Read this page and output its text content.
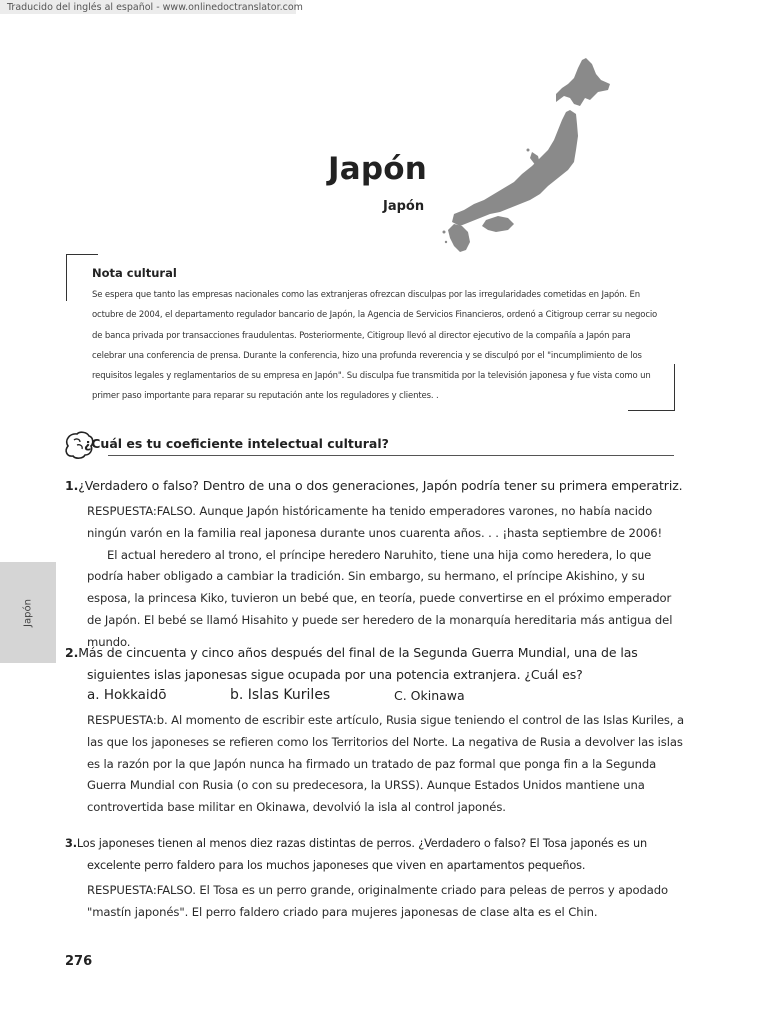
Traducido del inglés al español - www.onlinedoctranslator.com
Japón
Japón
Nota cultural
Se espera que tanto las empresas nacionales como las extranjeras ofrezcan disculpas por las irregularidades cometidas en Japón. En octubre de 2004, el departamento regulador bancario de Japón, la Agencia de Servicios Financieros, ordenó a Citigroup cerrar su negocio de banca privada por transacciones fraudulentas. Posteriormente, Citigroup llevó al director ejecutivo de la compañía a Japón para celebrar una conferencia de prensa. Durante la conferencia, hizo una profunda reverencia y se disculpó por el "incumplimiento de los requisitos legales y reglamentarios de su empresa en Japón". Su disculpa fue transmitida por la televisión japonesa y fue vista como un primer paso importante para reparar su reputación ante los reguladores y clientes. .
¿Cuál es tu coeficiente intelectual cultural?
Japón
1.¿Verdadero o falso? Dentro de una o dos generaciones, Japón podría tener su primera emperatriz.
RESPUESTA:FALSO. Aunque Japón históricamente ha tenido emperadores varones, no había nacido ningún varón en la familia real japonesa durante unos cuarenta años. . . ¡hasta septiembre de 2006!
El actual heredero al trono, el príncipe heredero Naruhito, tiene una hija como heredera, lo que podría haber obligado a cambiar la tradición. Sin embargo, su hermano, el príncipe Akishino, y su esposa, la princesa Kiko, tuvieron un bebé que, en teoría, puede convertirse en el próximo emperador de Japón. El bebé se llamó Hisahito y puede ser heredero de la monarquía hereditaria más antigua del mundo.
2.Más de cincuenta y cinco años después del final de la Segunda Guerra Mundial, una de las
siguientes islas japonesas sigue ocupada por una potencia extranjera. ¿Cuál es?
a. Hokkaidō	b. Islas Kuriles	C. Okinawa
RESPUESTA:b. Al momento de escribir este artículo, Rusia sigue teniendo el control de las Islas Kuriles, a las que los japoneses se refieren como los Territorios del Norte. La negativa de Rusia a devolver las islas es la razón por la que Japón nunca ha firmado un tratado de paz formal que ponga fin a la Segunda Guerra Mundial con Rusia (o con su predecesora, la URSS). Aunque Estados Unidos mantiene una controvertida base militar en Okinawa, devolvió la isla al control japonés.
3.Los japoneses tienen al menos diez razas distintas de perros. ¿Verdadero o falso? El Tosa japonés es un
excelente perro faldero para los muchos japoneses que viven en apartamentos pequeños.
RESPUESTA:FALSO. El Tosa es un perro grande, originalmente criado para peleas de perros y apodado "mastín japonés". El perro faldero criado para mujeres japonesas de clase alta es el Chin.
276
